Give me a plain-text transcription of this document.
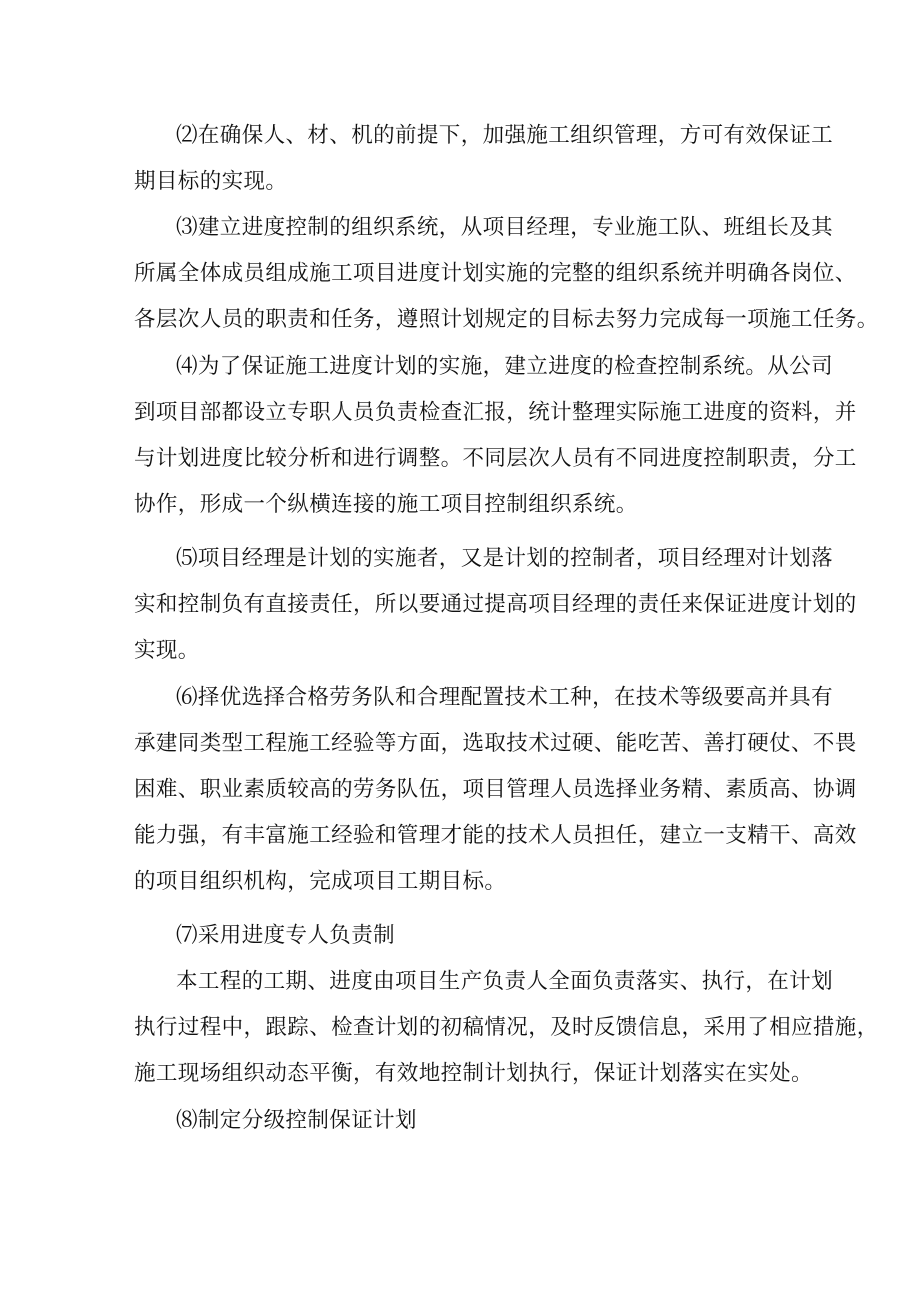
⑵在确保人、材、机的前提下，加强施工组织管理，方可有效保证工
期目标的实现。
⑶建立进度控制的组织系统，从项目经理，专业施工队、班组长及其
所属全体成员组成施工项目进度计划实施的完整的组织系统并明确各岗位、
各层次人员的职责和任务，遵照计划规定的目标去努力完成每一项施工任务。
⑷为了保证施工进度计划的实施，建立进度的检查控制系统。从公司
到项目部都设立专职人员负责检查汇报，统计整理实际施工进度的资料，并
与计划进度比较分析和进行调整。不同层次人员有不同进度控制职责，分工
协作，形成一个纵横连接的施工项目控制组织系统。
⑸项目经理是计划的实施者，又是计划的控制者，项目经理对计划落
实和控制负有直接责任，所以要通过提高项目经理的责任来保证进度计划的
实现。
⑹择优选择合格劳务队和合理配置技术工种，在技术等级要高并具有
承建同类型工程施工经验等方面，选取技术过硬、能吃苦、善打硬仗、不畏
困难、职业素质较高的劳务队伍，项目管理人员选择业务精、素质高、协调
能力强，有丰富施工经验和管理才能的技术人员担任，建立一支精干、高效
的项目组织机构，完成项目工期目标。
⑺采用进度专人负责制
本工程的工期、进度由项目生产负责人全面负责落实、执行，在计划
执行过程中，跟踪、检查计划的初稿情况，及时反馈信息，采用了相应措施，
施工现场组织动态平衡，有效地控制计划执行，保证计划落实在实处。
⑻制定分级控制保证计划
